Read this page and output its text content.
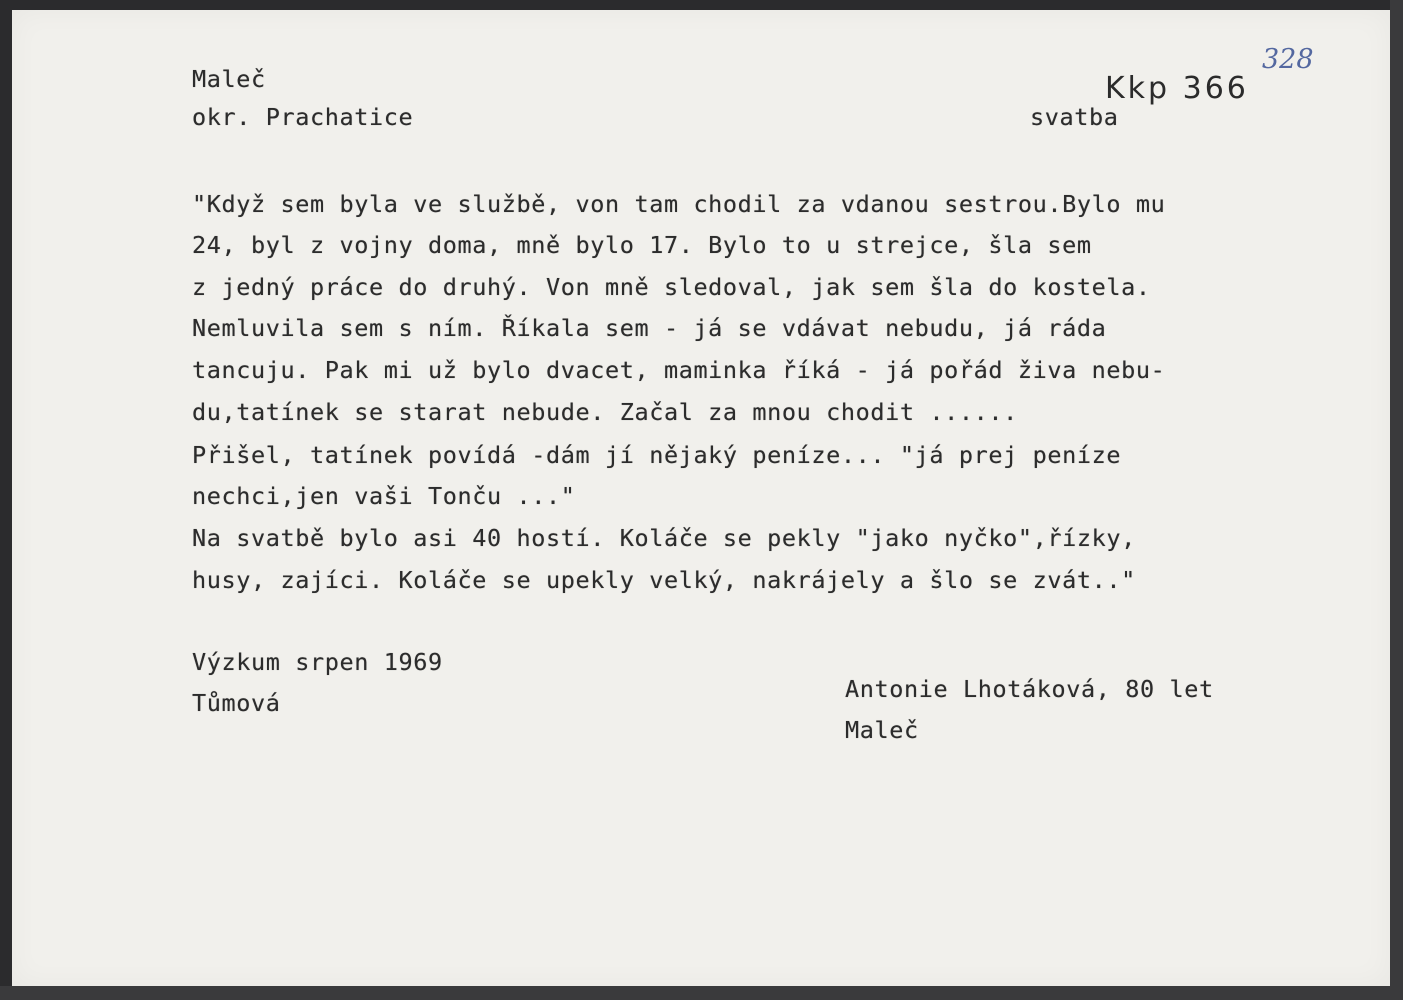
Maleč
okr. Prachatice
Kkp 366
328
svatba
"Když sem byla ve službě, von tam chodil za vdanou sestrou.Bylo mu
24, byl z vojny doma, mně bylo 17. Bylo to u strejce, šla sem
z jedný práce do druhý. Von mně sledoval, jak sem šla do kostela.
Nemluvila sem s ním. Říkala sem - já se vdávat nebudu, já ráda
tancuju. Pak mi už bylo dvacet, maminka říká - já pořád živa nebu-
du,tatínek se starat nebude. Začal za mnou chodit ......
Přišel, tatínek povídá -dám jí nějaký peníze... "já prej peníze
nechci,jen vaši Tonču ..."
Na svatbě bylo asi 40 hostí. Koláče se pekly "jako nyčko",řízky,
husy, zajíci. Koláče se upekly velký, nakrájely a šlo se zvát.."
Výzkum srpen 1969
Tůmová	Antonie Lhotáková, 80 let
Maleč
